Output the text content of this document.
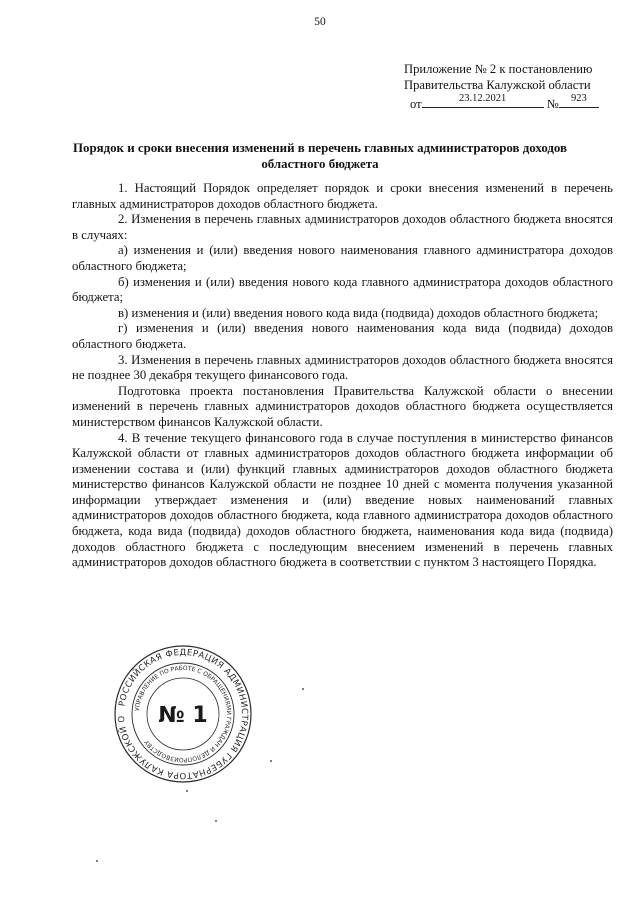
50
Приложение № 2 к постановлению
Правительства Калужской области
от	23.12.2021	№	923
Порядок и сроки внесения изменений в перечень главных администраторов доходов областного бюджета

1. Настоящий Порядок определяет порядок и сроки внесения изменений в перечень главных администраторов доходов областного бюджета.

2. Изменения в перечень главных администраторов доходов областного бюджета вносятся в случаях:

а) изменения и (или) введения нового наименования главного администратора доходов областного бюджета;

б) изменения и (или) введения нового кода главного администратора доходов областного бюджета;

в) изменения и (или) введения нового кода вида (подвида) доходов областного бюджета;

г) изменения и (или) введения нового наименования кода вида (подвида) доходов областного бюджета.

3. Изменения в перечень главных администраторов доходов областного бюджета вносятся не позднее 30 декабря текущего финансового года.

Подготовка проекта постановления Правительства Калужской области о внесении изменений в перечень главных администраторов доходов областного бюджета осуществляется министерством финансов Калужской области.

4. В течение текущего финансового года в случае поступления в министерство финансов Калужской области от главных администраторов доходов областного бюджета информации об изменении состава и (или) функций главных администраторов доходов областного бюджета министерство финансов Калужской области не позднее 10 дней с момента получения указанной информации утверждает изменения и (или) введение новых наименований главных администраторов доходов областного бюджета, кода главного администратора доходов областного бюджета, кода вида (подвида) доходов областного бюджета, наименования кода вида (подвида) доходов областного бюджета с последующим внесением изменений в перечень главных администраторов доходов областного бюджета в соответствии с пунктом 3 настоящего Порядка.

РОССИЙСКАЯ ФЕДЕРАЦИЯ АДМИНИСТРАЦИЯ ГУБЕРНАТОРА КАЛУЖСКОЙ О
УПРАВЛЕНИЕ ПО РАБОТЕ С ОБРАЩЕНИЯМИ ГРАЖДАН И ДЕЛОПРОИЗВОДСТВУ
№ 1
